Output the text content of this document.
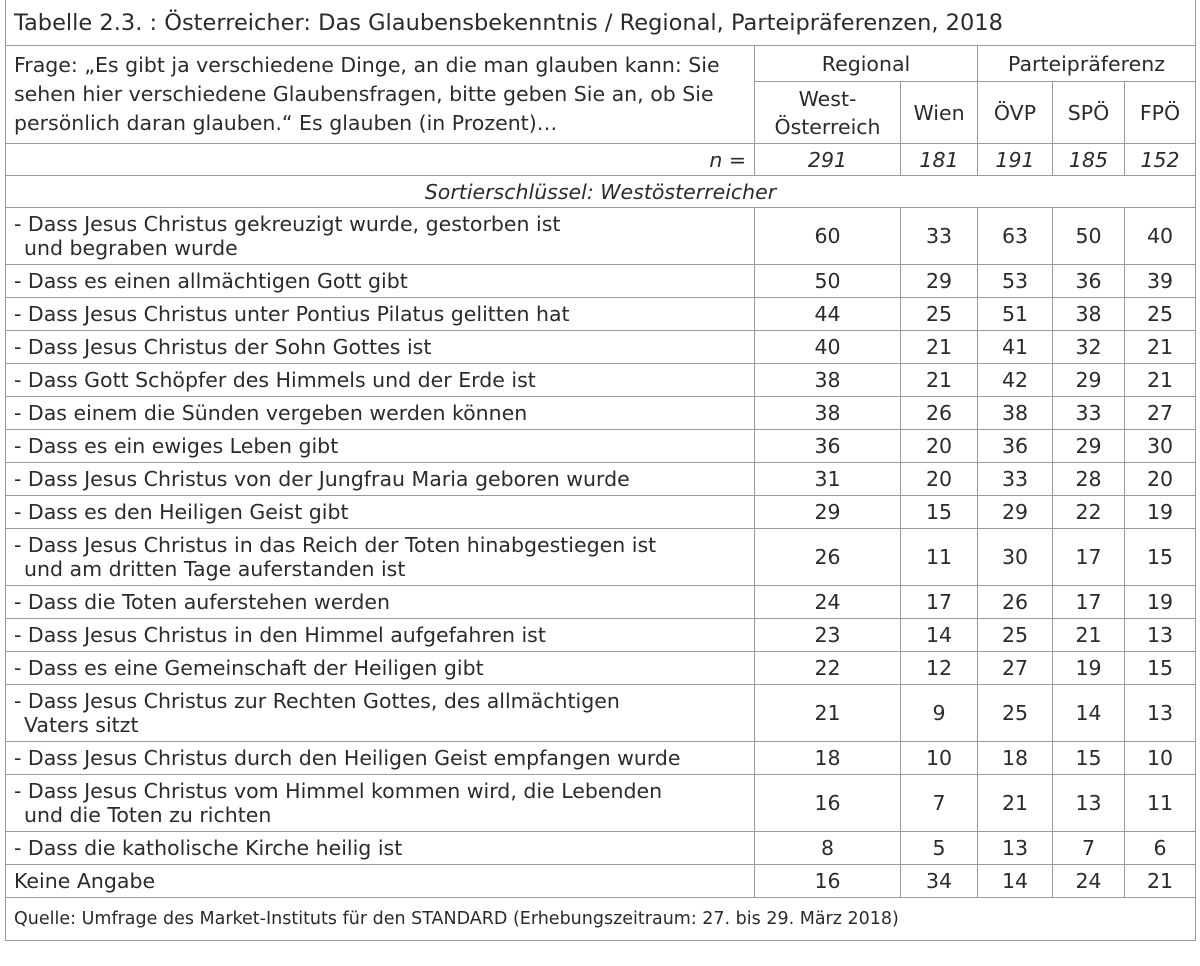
Tabelle 2.3. : Österreicher: Das Glaubensbekenntnis / Regional, Parteipräferenzen, 2018					
Frage: „Es gibt ja verschiedene Dinge, an die man glauben kann: Sie sehen hier verschiedene Glaubensfragen, bitte geben Sie an, ob Sie persönlich daran glauben.“ Es glauben (in Prozent)…	Regional		Parteipräferenz		
	West-Österreich	Wien	ÖVP	SPÖ	FPÖ
n =	291	181	191	185	152
Sortierschlüssel: Westösterreicher					
- Dass Jesus Christus gekreuzigt wurde, gestorben ist
und begraben wurde	60	33	63	50	40
- Dass es einen allmächtigen Gott gibt	50	29	53	36	39
- Dass Jesus Christus unter Pontius Pilatus gelitten hat	44	25	51	38	25
- Dass Jesus Christus der Sohn Gottes ist	40	21	41	32	21
- Dass Gott Schöpfer des Himmels und der Erde ist	38	21	42	29	21
- Das einem die Sünden vergeben werden können	38	26	38	33	27
- Dass es ein ewiges Leben gibt	36	20	36	29	30
- Dass Jesus Christus von der Jungfrau Maria geboren wurde	31	20	33	28	20
- Dass es den Heiligen Geist gibt	29	15	29	22	19
- Dass Jesus Christus in das Reich der Toten hinabgestiegen ist
und am dritten Tage auferstanden ist	26	11	30	17	15
- Dass die Toten auferstehen werden	24	17	26	17	19
- Dass Jesus Christus in den Himmel aufgefahren ist	23	14	25	21	13
- Dass es eine Gemeinschaft der Heiligen gibt	22	12	27	19	15
- Dass Jesus Christus zur Rechten Gottes, des allmächtigen
Vaters sitzt	21	9	25	14	13
- Dass Jesus Christus durch den Heiligen Geist empfangen wurde	18	10	18	15	10
- Dass Jesus Christus vom Himmel kommen wird, die Lebenden
und die Toten zu richten	16	7	21	13	11
- Dass die katholische Kirche heilig ist	8	5	13	7	6
Keine Angabe	16	34	14	24	21
Quelle: Umfrage des Market-Instituts für den STANDARD (Erhebungszeitraum: 27. bis 29. März 2018)					
